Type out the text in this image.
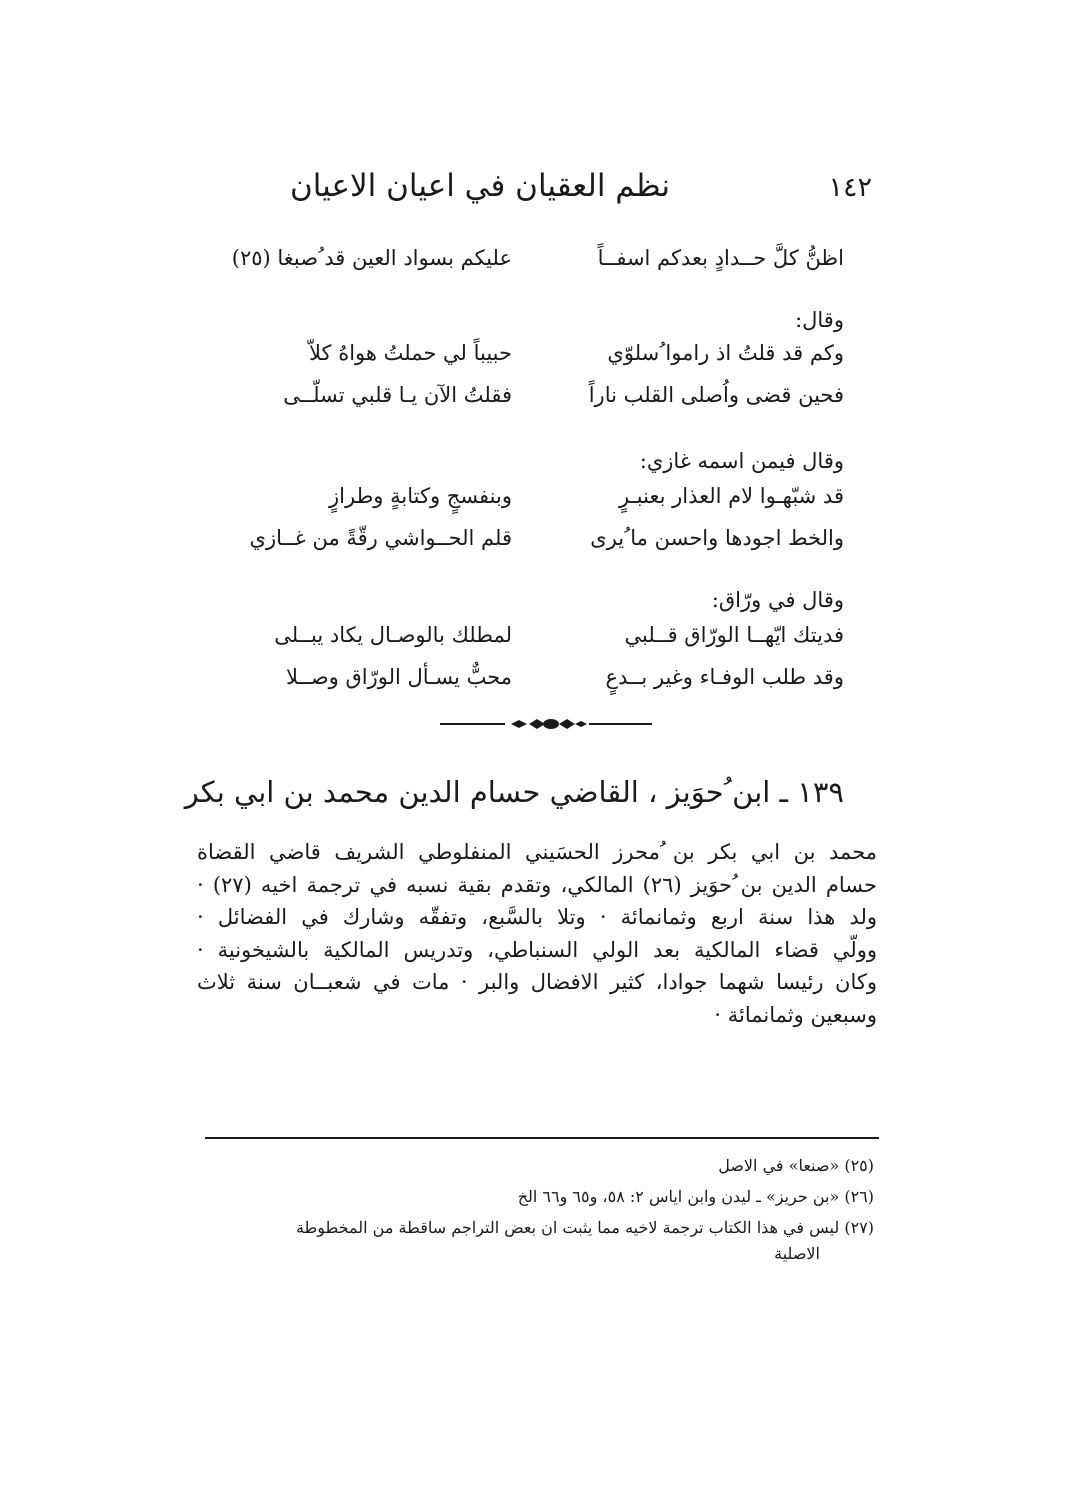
نظم العقيان في اعيان الاعيان	١٤٢
اظنُّ كلَّ حــدادٍ بعدكم اسفــاً
عليكم بسواد العين قد ُصبغا (٢٥)
وقال:
وكم قد قلتُ اذ راموا ُسلوّي
حبيباً لي حملتُ هواهُ كلاّ
فحين قضى واُصلى القلب ناراً
فقلتُ الآن يـا قلبي تسلّــى
وقال فيمن اسمه غازي:
قد شبّهـوا لام العذار بعنبـرٍ
وبنفسجٍ وكتابةٍ وطرازٍ
والخط اجودها واحسن ما ُيرى
قلم الحــواشي رقّةً من غــازي
وقال في ورّاق:
فديتك ايّهــا الورّاق قــلبي
لمطلك بالوصـال يكاد يبــلى
وقد طلب الوفـاء وغير بــدعٍ
محبٌّ يسـأل الورّاق وصــلا
١٣٩ ـ ابن ُحوَيز ، القاضي حسام الدين محمد بن ابي بكر
محمد بن ابي بكر بن ُمحرز الحسَيني المنفلوطي الشريف قاضي القضاة
حسام الدين بن ُحوَيز (٢٦) المالكي، وتقدم بقية نسبه في ترجمة اخيه (٢٧) ·
ولد هذا سنة اربع وثمانمائة · وتلا بالسَّبع، وتفقّه وشارك في الفضائل ·
وولّي قضاء المالكية بعد الولي السنباطي، وتدريس المالكية بالشيخونية ·
وكان رئيسا شهما جوادا، كثير الافضال والبر · مات في شعبــان سنة ثلاث
وسبعين وثمانمائة ·
(٢٥) «صنعا» في الاصل
(٢٦) «بن حريز» ـ ليدن وابن اياس ٢: ٥٨، و٦٥ و٦٦ الخ
(٢٧) ليس في هذا الكتاب ترجمة لاخيه مما يثبت ان بعض التراجم ساقطة من المخطوطة
الاصلية
